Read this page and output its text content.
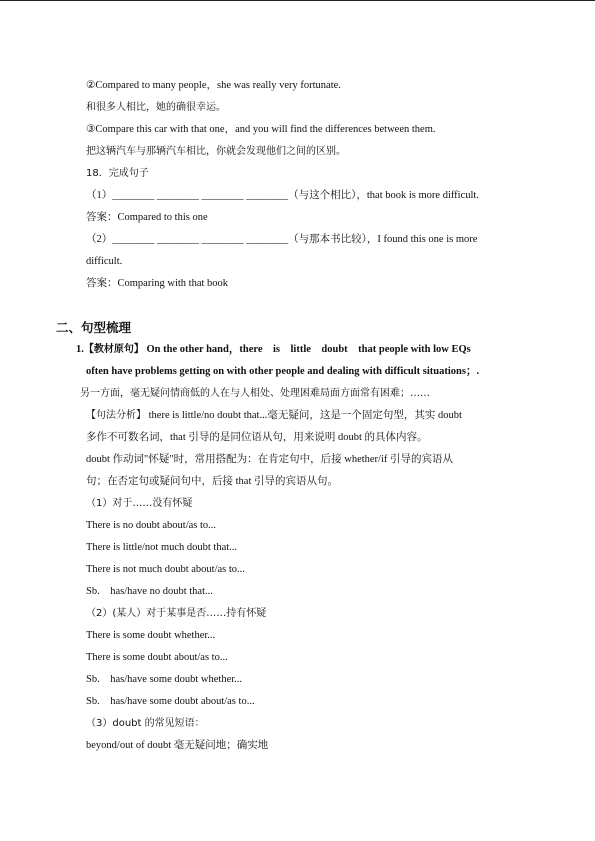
②Compared to many people，she was really very fortunate.
和很多人相比，她的确很幸运。
③Compare this car with that one，and you will find the differences between them.
把这辆汽车与那辆汽车相比，你就会发现他们之间的区别。
18．完成句子
（1）________ ________ ________ ________（与这个相比），that book is more difficult.
答案：Compared to this one
（2）________ ________ ________ ________（与那本书比较），I found this one is more
difficult.
答案：Comparing with that book
二、句型梳理
1.【教材原句】 On the other hand，there　is　little　doubt　that people with low EQs
often have problems getting on with other people and dealing with difficult situations；.
另一方面，毫无疑问情商低的人在与人相处、处理困难局面方面常有困难；……
【句法分析】 there is little/no doubt that...毫无疑问，这是一个固定句型，其实 doubt
多作不可数名词，that 引导的是同位语从句，用来说明 doubt 的具体内容。
doubt 作动词"怀疑"时，常用搭配为：在肯定句中，后接 whether/if 引导的宾语从
句；在否定句或疑问句中，后接 that 引导的宾语从句。
（1）对于……没有怀疑
There is no doubt about/as to...
There is little/not much doubt that...
There is not much doubt about/as to...
Sb.　has/have no doubt that...
（2）(某人）对于某事是否……持有怀疑
There is some doubt whether...
There is some doubt about/as to...
Sb.　has/have some doubt whether...
Sb.　has/have some doubt about/as to...
（3）doubt 的常见短语：
beyond/out of doubt 毫无疑问地；确实地
